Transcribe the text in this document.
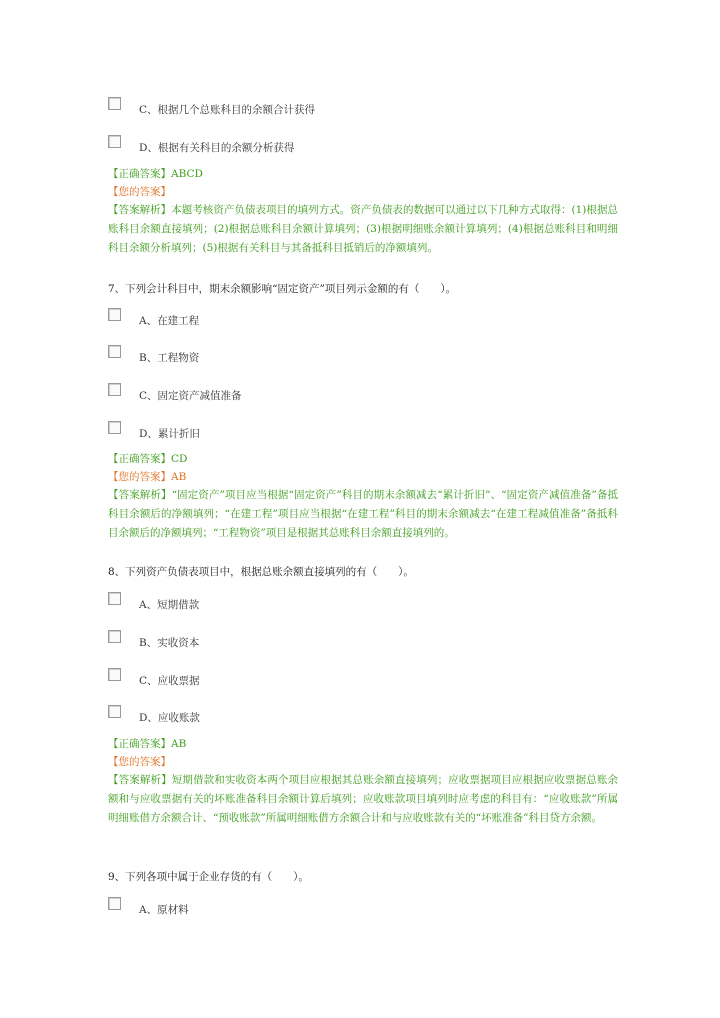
C、根据几个总账科目的余额合计获得
D、根据有关科目的余额分析获得
【正确答案】ABCD
【您的答案】
【答案解析】本题考核资产负债表项目的填列方式。资产负债表的数据可以通过以下几种方式取得：(1)根据总账科目余额直接填列；(2)根据总账科目余额计算填列；(3)根据明细账余额计算填列；(4)根据总账科目和明细科目余额分析填列；(5)根据有关科目与其备抵科目抵销后的净额填列。
7、下列会计科目中，期末余额影响“固定资产”项目列示金额的有（　　）。
A、在建工程
B、工程物资
C、固定资产减值准备
D、累计折旧
【正确答案】CD
【您的答案】AB
【答案解析】“固定资产”项目应当根据“固定资产”科目的期末余额减去“累计折旧”、“固定资产减值准备”备抵科目余额后的净额填列；“在建工程”项目应当根据“在建工程”科目的期末余额减去“在建工程减值准备”备抵科目余额后的净额填列；“工程物资”项目是根据其总账科目余额直接填列的。
8、下列资产负债表项目中，根据总账余额直接填列的有（　　）。
A、短期借款
B、实收资本
C、应收票据
D、应收账款
【正确答案】AB
【您的答案】
【答案解析】短期借款和实收资本两个项目应根据其总账余额直接填列；应收票据项目应根据应收票据总账余额和与应收票据有关的坏账准备科目余额计算后填列；应收账款项目填列时应考虑的科目有：“应收账款”所属明细账借方余额合计、“预收账款”所属明细账借方余额合计和与应收账款有关的“坏账准备”科目贷方余额。
9、下列各项中属于企业存货的有（　　）。
A、原材料
